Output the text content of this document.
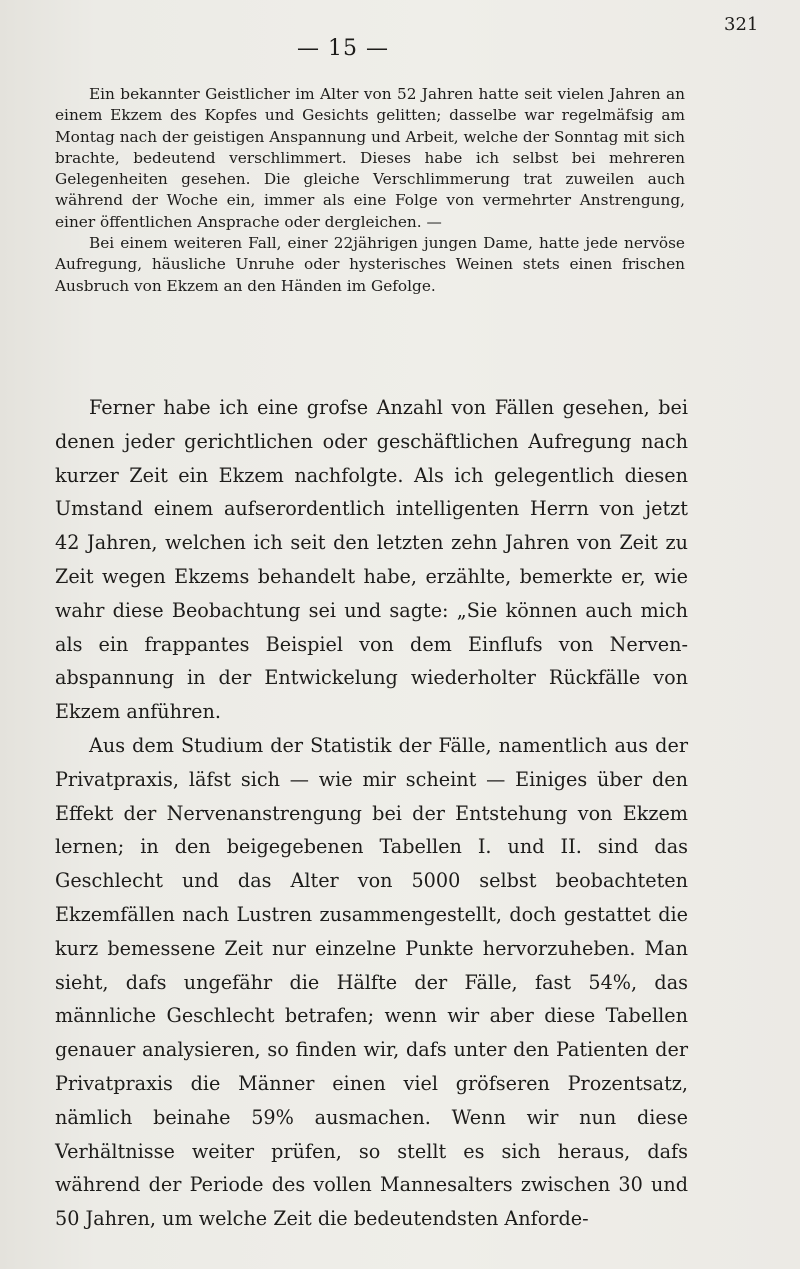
— 15 —
321

Ein bekannter Geistlicher im Alter von 52 Jahren hatte seit vielen Jahren an einem Ekzem des Kopfes und Gesichts gelitten; dasselbe war regelmäfsig am Montag nach der geistigen Anspannung und Arbeit, welche der Sonntag mit sich brachte, bedeutend verschlimmert. Dieses habe ich selbst bei mehreren Gelegenheiten gesehen. Die gleiche Verschlimmerung trat zuweilen auch während der Woche ein, immer als eine Folge von vermehrter Anstrengung, einer öffentlichen Ansprache oder dergleichen. —

Bei einem weiteren Fall, einer 22jährigen jungen Dame, hatte jede nervöse Aufregung, häusliche Unruhe oder hysterisches Weinen stets einen frischen Ausbruch von Ekzem an den Händen im Gefolge.

Ferner habe ich eine grofse Anzahl von Fällen gesehen, bei denen jeder gerichtlichen oder geschäftlichen Aufregung nach kurzer Zeit ein Ekzem nachfolgte. Als ich gelegentlich diesen Umstand einem aufserordentlich intelligenten Herrn von jetzt 42 Jahren, welchen ich seit den letzten zehn Jahren von Zeit zu Zeit wegen Ekzems behandelt habe, erzählte, bemerkte er, wie wahr diese Beobachtung sei und sagte: „Sie können auch mich als ein frappantes Beispiel von dem Einflufs von Nerven-abspannung in der Entwickelung wiederholter Rückfälle von Ekzem anführen.

Aus dem Studium der Statistik der Fälle, namentlich aus der Privatpraxis, läfst sich — wie mir scheint — Einiges über den Effekt der Nervenanstrengung bei der Entstehung von Ekzem lernen; in den beigegebenen Tabellen I. und II. sind das Geschlecht und das Alter von 5000 selbst beobachteten Ekzemfällen nach Lustren zusammengestellt, doch gestattet die kurz bemessene Zeit nur einzelne Punkte hervorzuheben. Man sieht, dafs ungefähr die Hälfte der Fälle, fast 54%, das männliche Geschlecht betrafen; wenn wir aber diese Tabellen genauer analysieren, so finden wir, dafs unter den Patienten der Privatpraxis die Männer einen viel gröfseren Prozentsatz, nämlich beinahe 59% ausmachen. Wenn wir nun diese Verhältnisse weiter prüfen, so stellt es sich heraus, dafs während der Periode des vollen Mannesalters zwischen 30 und 50 Jahren, um welche Zeit die bedeutendsten Anforde-
